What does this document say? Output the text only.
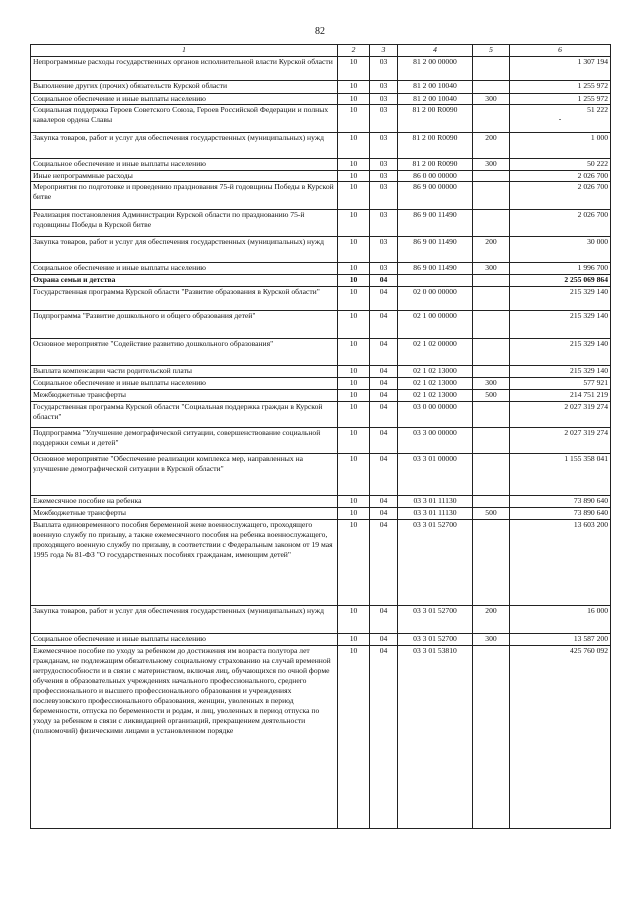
82
1	2	3	4	5	6
Непрограммные расходы государственных органов исполнительной власти Курской области	10	03	81 2 00 00000		1 307 194
Выполнение других (прочих) обязательств Курской области	10	03	81 2 00 10040		1 255 972
Социальное обеспечение и иные выплаты населению	10	03	81 2 00 10040	300	1 255 972
Социальная поддержка Героев Советского Союза, Героев Российской Федерации и полных кавалеров ордена Славы	10	03	81 2 00 R0090		51 222
-

Закупка товаров, работ и услуг для обеспечения государственных (муниципальных) нужд	10	03	81 2 00 R0090	200	1 000
Социальное обеспечение и иные выплаты населению	10	03	81 2 00 R0090	300	50 222
Иные непрограммные расходы	10	03	86 0 00 00000		2 026 700
Мероприятия по подготовке и проведению празднования 75-й годовщины Победы в Курской битве	10	03	86 9 00 00000		2 026 700
Реализация постановления Администрации Курской области по празднованию 75-й годовщины Победы в Курской битве	10	03	86 9 00 11490		2 026 700
Закупка товаров, работ и услуг для обеспечения государственных (муниципальных) нужд	10	03	86 9 00 11490	200	30 000
Социальное обеспечение и иные выплаты населению	10	03	86 9 00 11490	300	1 996 700
Охрана семьи и детства	10	04			2 255 069 864
Государственная программа Курской области "Развитие образования в Курской области"	10	04	02 0 00 00000		215 329 140
Подпрограмма "Развитие дошкольного и общего образования детей"	10	04	02 1 00 00000		215 329 140
Основное мероприятие "Содействие развитию дошкольного образования"	10	04	02 1 02 00000		215 329 140
Выплата компенсации части родительской платы	10	04	02 1 02 13000		215 329 140
Социальное обеспечение и иные выплаты населению	10	04	02 1 02 13000	300	577 921
Межбюджетные трансферты	10	04	02 1 02 13000	500	214 751 219
Государственная программа Курской области "Социальная поддержка граждан в Курской области"	10	04	03 0 00 00000		2 027 319 274
Подпрограмма "Улучшение демографической ситуации, совершенствование социальной поддержки семьи и детей"	10	04	03 3 00 00000		2 027 319 274
Основное мероприятие "Обеспечение реализации комплекса мер, направленных на улучшение демографической ситуации в Курской области"	10	04	03 3 01 00000		1 155 358 041
Ежемесячное пособие на ребенка	10	04	03 3 01 11130		73 890 640
Межбюджетные трансферты	10	04	03 3 01 11130	500	73 890 640
Выплата единовременного пособия беременной жене военнослужащего, проходящего военную службу по призыву, а также ежемесячного пособия на ребенка военнослужащего, проходящего военную службу по призыву, в соответствии с Федеральным законом от 19 мая 1995 года № 81-ФЗ "О государственных пособиях гражданам, имеющим детей"	10	04	03 3 01 52700		13 603 200
Закупка товаров, работ и услуг для обеспечения государственных (муниципальных) нужд	10	04	03 3 01 52700	200	16 000
Социальное обеспечение и иные выплаты населению	10	04	03 3 01 52700	300	13 587 200
Ежемесячное пособие по уходу за ребенком до достижения им возраста полутора лет гражданам, не подлежащим обязательному социальному страхованию на случай временной нетрудоспособности и в связи с материнством, включая лиц, обучающихся по очной форме обучения в образовательных учреждениях начального профессионального, среднего профессионального и высшего профессионального образования и учреждениях послевузовского профессионального образования, женщин, уволенных в период беременности, отпуска по беременности и родам, и лиц, уволенных в период отпуска по уходу за ребенком в связи с ликвидацией организаций, прекращением деятельности (полномочий) физическими лицами в установленном порядке	10	04	03 3 01 53810		425 760 092
